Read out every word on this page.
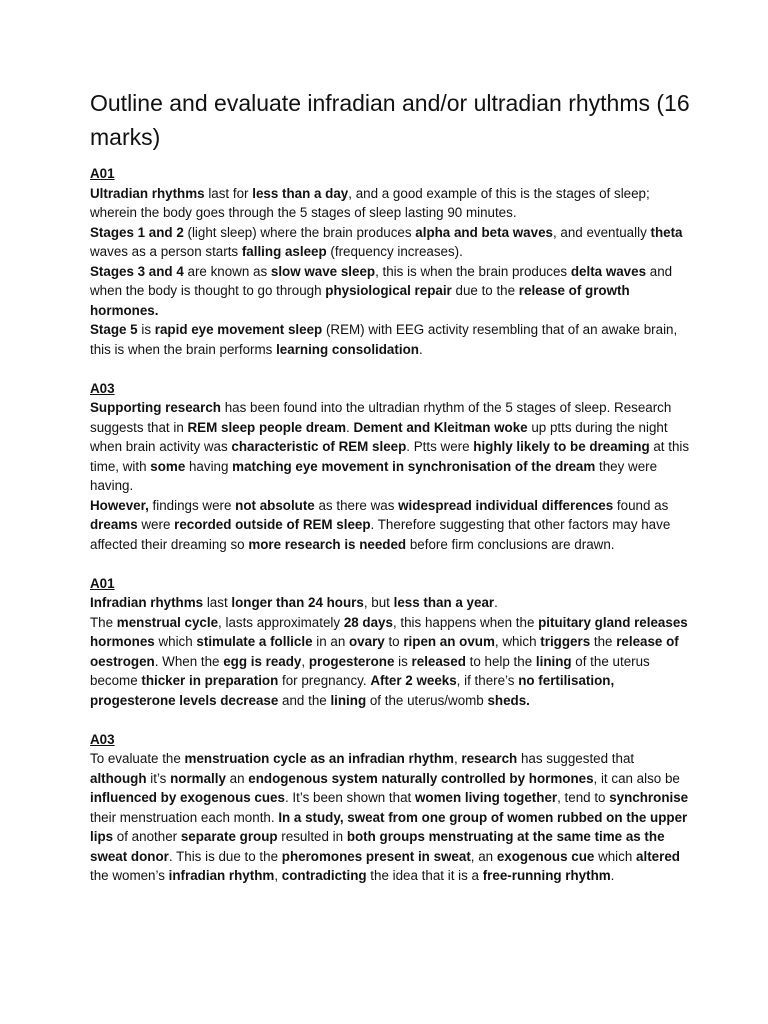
Outline and evaluate infradian and/or ultradian rhythms (16 marks)
A01

Ultradian rhythms last for less than a day, and a good example of this is the stages of sleep; wherein the body goes through the 5 stages of sleep lasting 90 minutes.

Stages 1 and 2 (light sleep) where the brain produces alpha and beta waves, and eventually theta waves as a person starts falling asleep (frequency increases).

Stages 3 and 4 are known as slow wave sleep, this is when the brain produces delta waves and when the body is thought to go through physiological repair due to the release of growth hormones.

Stage 5 is rapid eye movement sleep (REM) with EEG activity resembling that of an awake brain, this is when the brain performs learning consolidation.

A03

Supporting research has been found into the ultradian rhythm of the 5 stages of sleep. Research suggests that in REM sleep people dream. Dement and Kleitman woke up ptts during the night when brain activity was characteristic of REM sleep. Ptts were highly likely to be dreaming at this time, with some having matching eye movement in synchronisation of the dream they were having.

However, findings were not absolute as there was widespread individual differences found as dreams were recorded outside of REM sleep. Therefore suggesting that other factors may have affected their dreaming so more research is needed before firm conclusions are drawn.

A01

Infradian rhythms last longer than 24 hours, but less than a year.

The menstrual cycle, lasts approximately 28 days, this happens when the pituitary gland releases hormones which stimulate a follicle in an ovary to ripen an ovum, which triggers the release of oestrogen. When the egg is ready, progesterone is released to help the lining of the uterus become thicker in preparation for pregnancy. After 2 weeks, if there’s no fertilisation, progesterone levels decrease and the lining of the uterus/womb sheds.

A03

To evaluate the menstruation cycle as an infradian rhythm, research has suggested that although it’s normally an endogenous system naturally controlled by hormones, it can also be influenced by exogenous cues. It’s been shown that women living together, tend to synchronise their menstruation each month. In a study, sweat from one group of women rubbed on the upper lips of another separate group resulted in both groups menstruating at the same time as the sweat donor. This is due to the pheromones present in sweat, an exogenous cue which altered the women’s infradian rhythm, contradicting the idea that it is a free-running rhythm.
